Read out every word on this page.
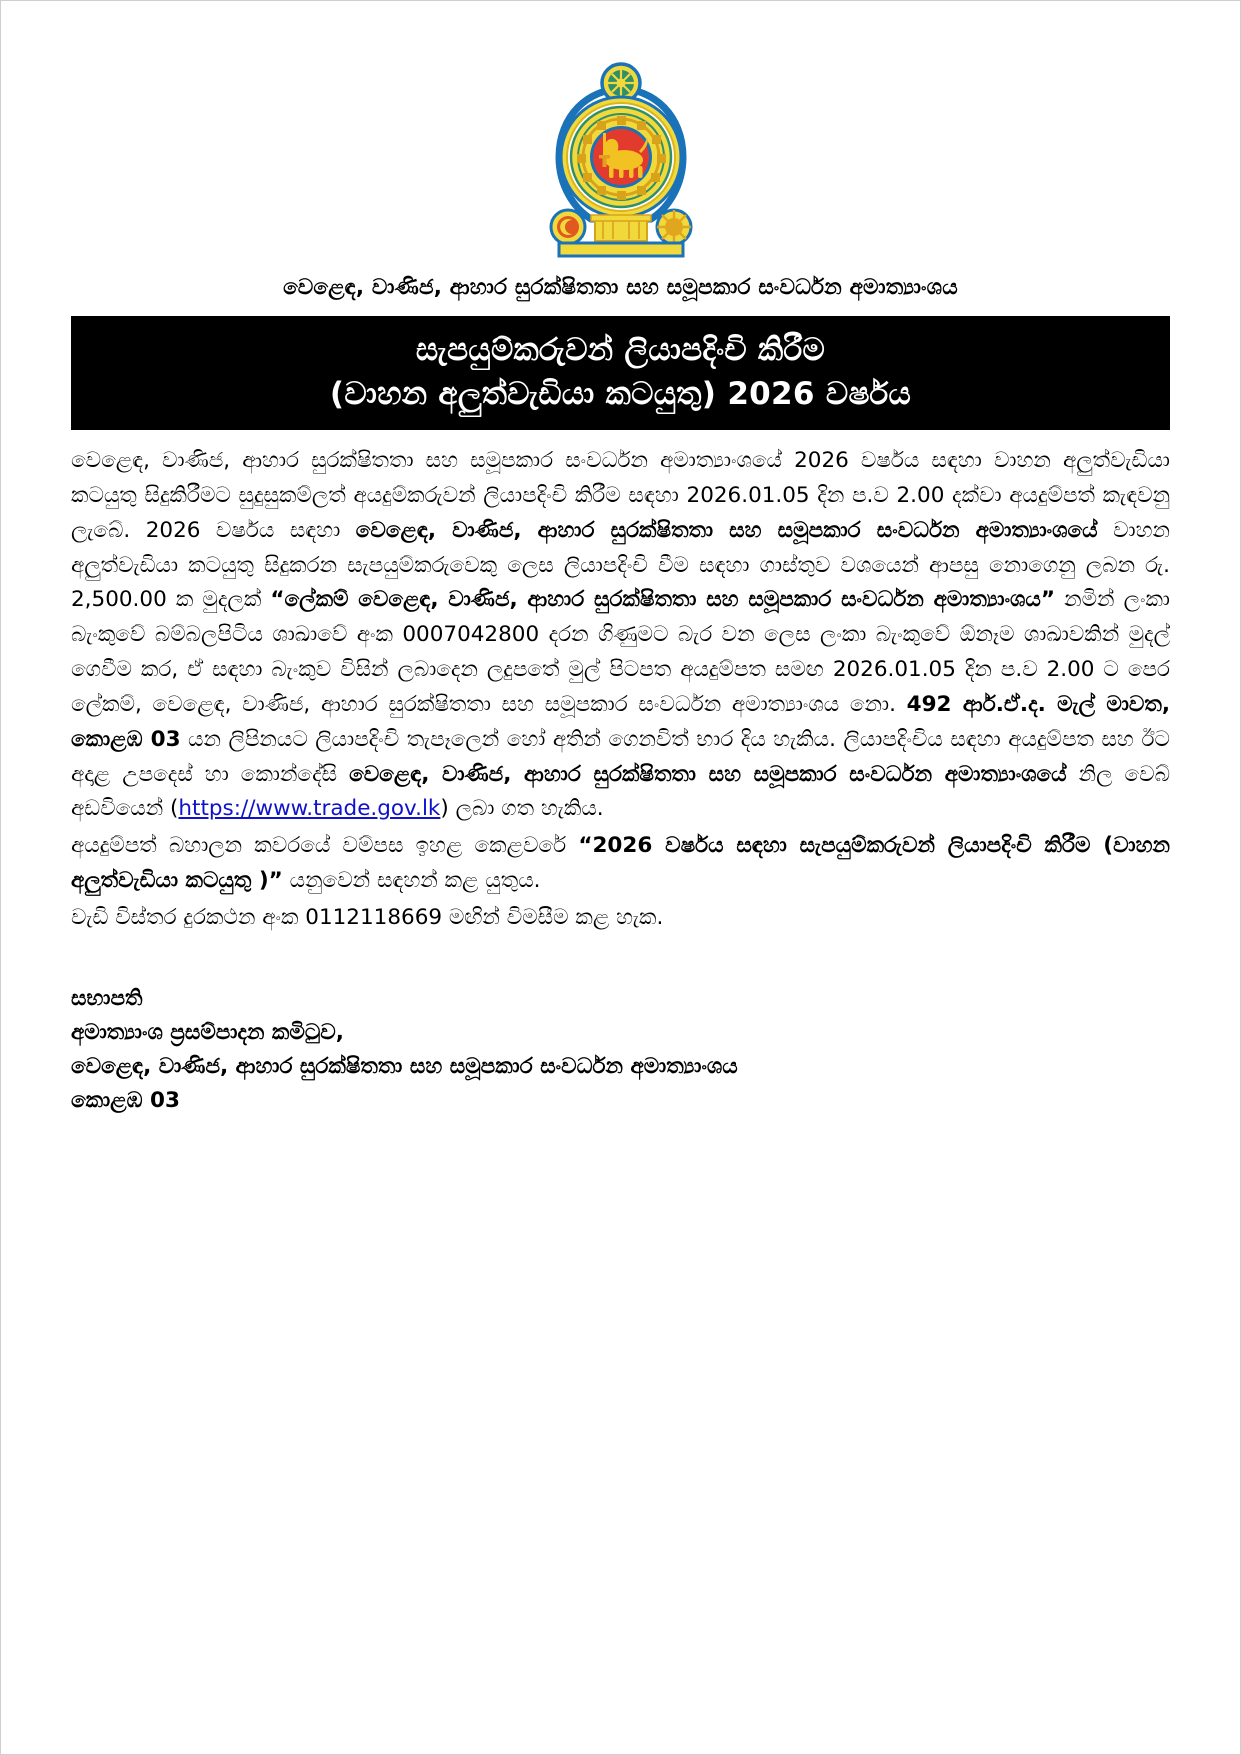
වෙළෙඳ, වාණිජ, ආහාර සුරක්ෂිතතා සහ සමූපකාර සංවර්ධන අමාත්‍යාංශය
සැපයුම්කරුවන් ලියාපදිංචි කිරීම
(වාහන අලුත්වැඩියා කටයුතු) 2026 වර්ෂය

වෙළෙඳ, වාණිජ, ආහාර සුරක්ෂිතතා සහ සමූපකාර සංවර්ධන අමාත්‍යාංශයේ 2026 වර්ෂය සඳහා වාහන අලුත්වැඩියා කටයුතු සිදුකිරීමට සුදුසුකම්ලත් අයදුම්කරුවන් ලියාපදිංචි කිරීම සඳහා 2026.01.05 දින ප.ව 2.00 දක්වා අයදුම්පත් කැඳවනු ලැබේ. 2026 වර්ෂය සඳහා වෙළෙඳ, වාණිජ, ආහාර සුරක්ෂිතතා සහ සමූපකාර සංවර්ධන අමාත්‍යාංශයේ වාහන අලුත්වැඩියා කටයුතු සිදුකරන සැපයුම්කරුවෙකු ලෙස ලියාපදිංචි වීම සඳහා ගාස්තුව වශයෙන් ආපසු නොගෙනු ලබන රු. 2,500.00 ක මුදලක් “ලේකම් වෙළෙඳ, වාණිජ, ආහාර සුරක්ෂිතතා සහ සමූපකාර සංවර්ධන අමාත්‍යාංශය” නමින් ලංකා බැංකුවේ බම්බලපිටිය ශාඛාවේ අංක 0007042800 දරන ගිණුමට බැර වන ලෙස ලංකා බැංකුවේ ඕනෑම ශාඛාවකින් මුදල් ගෙවීම කර, ඒ සඳහා බැංකුව විසින් ලබාදෙන ලදුපතේ මුල් පිටපත අයදුම්පත සමඟ 2026.01.05 දින ප.ව 2.00 ට පෙර ලේකම්, වෙළෙඳ, වාණිජ, ආහාර සුරක්ෂිතතා සහ සමූපකාර සංවර්ධන අමාත්‍යාංශය නො. 492 ආර්.ඒ.ද. මැල් මාවත, කොළඹ 03 යන ලිපිනයට ලියාපදිංචි තැපෑලෙන් හෝ අතින් ගෙනවිත් භාර දිය හැකිය. ලියාපදිංචිය සඳහා අයදුම්පත සහ ඊට අදාළ උපදෙස් හා කොන්දේසි වෙළෙඳ, වාණිජ, ආහාර සුරක්ෂිතතා සහ සමූපකාර සංවර්ධන අමාත්‍යාංශයේ නිල වෙබ් අඩවියෙන් (https://www.trade.gov.lk) ලබා ගත හැකිය.

අයදුම්පත් බහාලන කවරයේ වම්පස ඉහළ කෙළවරේ “2026 වර්ෂය සඳහා සැපයුම්කරුවන් ලියාපදිංචි කිරීම (වාහන අලුත්වැඩියා කටයුතු )” යනුවෙන් සඳහන් කළ යුතුය.

වැඩි විස්තර දුරකථන අංක 0112118669 මඟින් විමසීම කළ හැක.

සභාපති
අමාත්‍යාංශ ප්‍රසම්පාදන කමිටුව,
වෙළෙඳ, වාණිජ, ආහාර සුරක්ෂිතතා සහ සමූපකාර සංවර්ධන අමාත්‍යාංශය
කොළඹ 03
